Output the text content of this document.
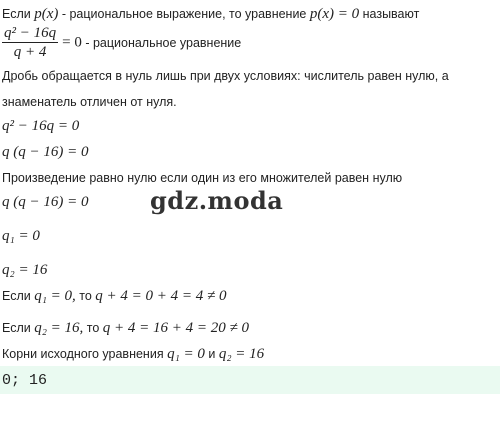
Если p(x) - рациональное выражение, то уравнение p(x) = 0 называют
$\frac{\text{q² − 16q}}{q + 4} = 0$ - рациональное уравнение
Дробь обращается в нуль лишь при двух условиях: числитель равен нулю, а
знаменатель отличен от нуля.
q² − 16q = 0
q (q − 16) = 0
Произведение равно нулю если один из его множителей равен нулю
q (q − 16) = 0	gdz.moda
q₁ = 0
q₂ = 16
Если q₁ = 0, то q + 4 = 0 + 4 = 4 ≠ 0
Если q₂ = 16, то q + 4 = 16 + 4 = 20 ≠ 0
Корни исходного уравнения q₁ = 0 и q₂ = 16
0; 16
